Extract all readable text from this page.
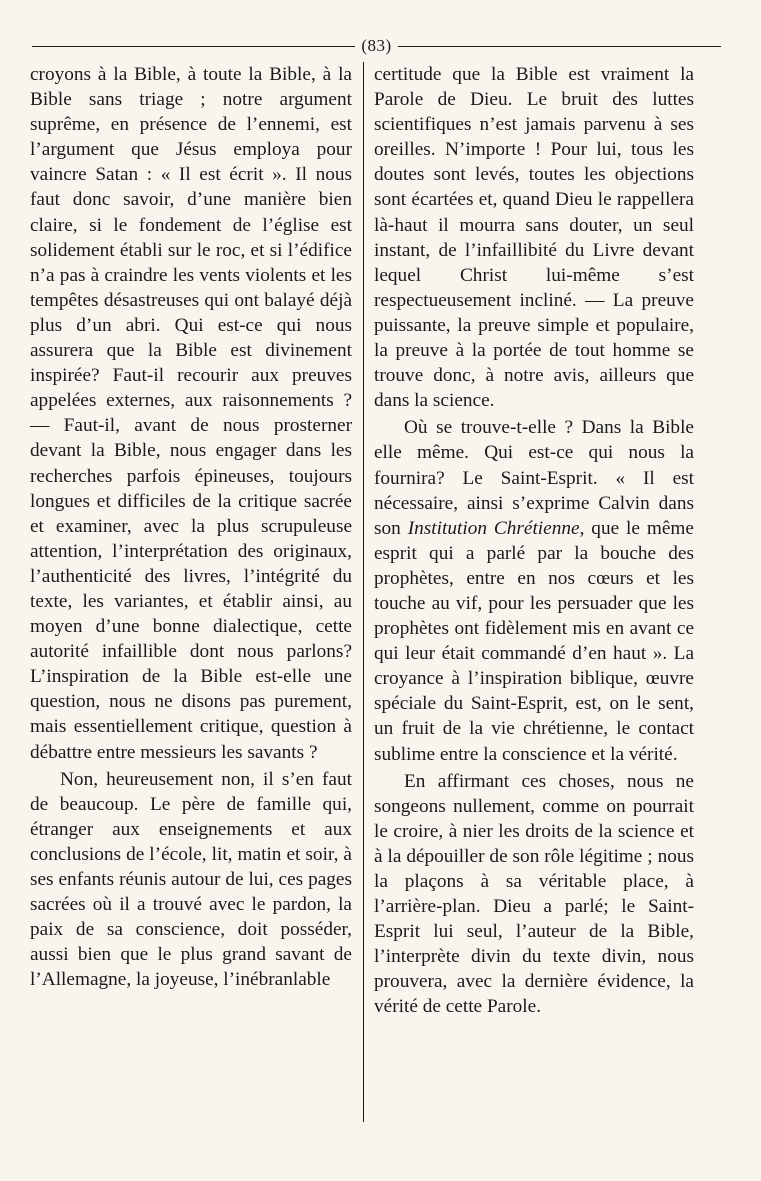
(83)

croyons à la Bible, à toute la Bible, à la Bible sans triage ; notre argument suprême, en présence de l’ennemi, est l’argument que Jésus employa pour vaincre Satan : « Il est écrit ». Il nous faut donc savoir, d’une manière bien claire, si le fondement de l’église est solidement établi sur le roc, et si l’édifice n’a pas à craindre les vents violents et les tempêtes désastreuses qui ont balayé déjà plus d’un abri. Qui est-ce qui nous assurera que la Bible est divinement inspirée? Faut-il recourir aux preuves appelées externes, aux raisonnements ? — Faut-il, avant de nous prosterner devant la Bible, nous engager dans les recherches parfois épineuses, toujours longues et difficiles de la critique sacrée et examiner, avec la plus scrupuleuse attention, l’interprétation des originaux, l’authenticité des livres, l’intégrité du texte, les variantes, et établir ainsi, au moyen d’une bonne dialectique, cette autorité infaillible dont nous parlons? L’inspiration de la Bible est-elle une question, nous ne disons pas purement, mais essentiellement critique, question à débattre entre messieurs les savants ?

Non, heureusement non, il s’en faut de beaucoup. Le père de famille qui, étranger aux enseignements et aux conclusions de l’école, lit, matin et soir, à ses enfants réunis autour de lui, ces pages sacrées où il a trouvé avec le pardon, la paix de sa conscience, doit posséder, aussi bien que le plus grand savant de l’Allemagne, la joyeuse, l’inébranlable

certitude que la Bible est vraiment la Parole de Dieu. Le bruit des luttes scientifiques n’est jamais parvenu à ses oreilles. N’importe ! Pour lui, tous les doutes sont levés, toutes les objections sont écartées et, quand Dieu le rappellera là-haut il mourra sans douter, un seul instant, de l’infaillibité du Livre devant lequel Christ lui-même s’est respectueusement incliné. — La preuve puissante, la preuve simple et populaire, la preuve à la portée de tout homme se trouve donc, à notre avis, ailleurs que dans la science.

Où se trouve-t-elle ? Dans la Bible elle même. Qui est-ce qui nous la fournira? Le Saint-Esprit. « Il est nécessaire, ainsi s’exprime Calvin dans son Institution Chrétienne, que le même esprit qui a parlé par la bouche des prophètes, entre en nos cœurs et les touche au vif, pour les persuader que les prophètes ont fidèlement mis en avant ce qui leur était commandé d’en haut ». La croyance à l’inspiration biblique, œuvre spéciale du Saint-Esprit, est, on le sent, un fruit de la vie chrétienne, le contact sublime entre la conscience et la vérité.

En affirmant ces choses, nous ne songeons nullement, comme on pourrait le croire, à nier les droits de la science et à la dépouiller de son rôle légitime ; nous la plaçons à sa véritable place, à l’arrière-plan. Dieu a parlé; le Saint-Esprit lui seul, l’auteur de la Bible, l’interprète divin du texte divin, nous prouvera, avec la dernière évidence, la vérité de cette Parole.
